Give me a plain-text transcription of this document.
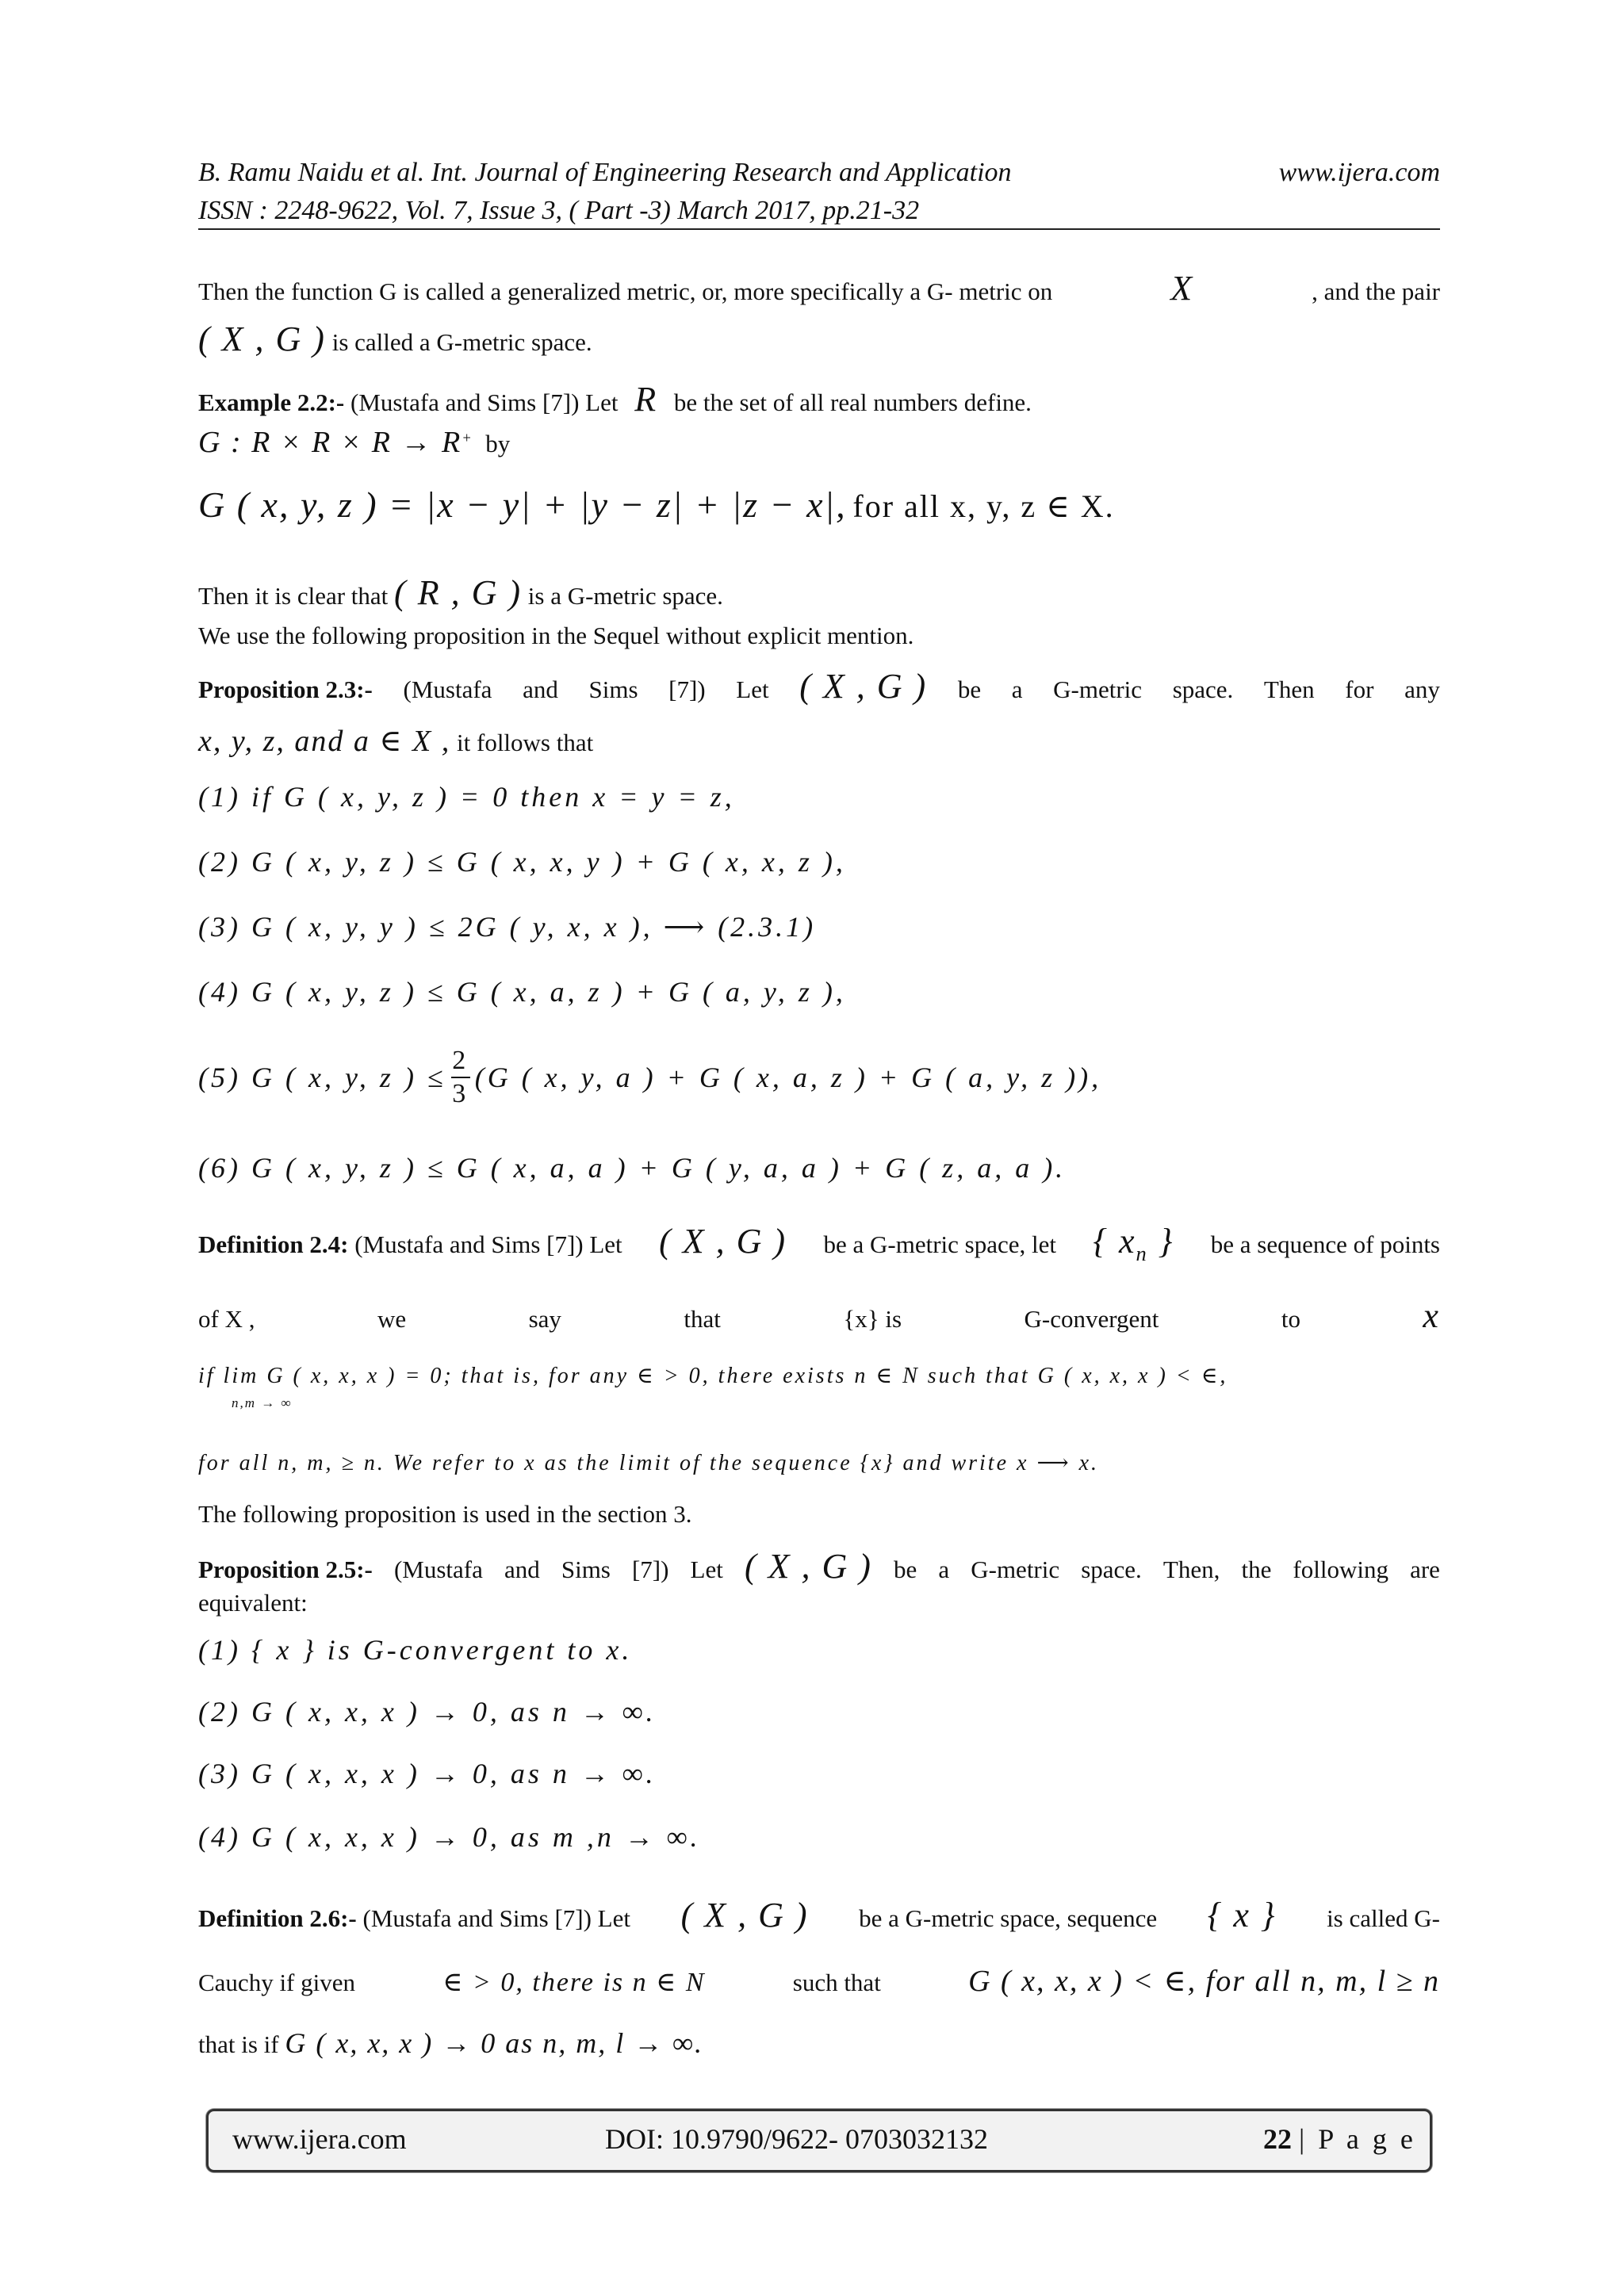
B. Ramu Naidu et al. Int. Journal of Engineering Research and Application	www.ijera.com
ISSN : 2248-9622, Vol. 7, Issue 3, ( Part -3) March 2017, pp.21-32
Then the function G is called a generalized metric, or, more specifically a G- metric on	X	, and the pair
( X , G ) is called a G-metric space.
Example 2.2:- (Mustafa and Sims [7]) Let  R  be the set of all real numbers define.
G : R × R × R → R+ by
G ( x, y, z ) = |x − y| + |y − z| + |z − x|, for all x, y, z ∈ X.
Then it is clear that ( R , G ) is a G-metric space.
We use the following proposition in the Sequel without explicit mention.
Proposition 2.3:- (Mustafa and Sims [7]) Let ( X , G ) be a G-metric space. Then for any
x, y, z, and a ∈ X , it follows that
(1) if G ( x, y, z ) = 0 then x = y = z,
(2) G ( x, y, z ) ≤ G ( x, x, y ) + G ( x, x, z ),
(3) G ( x, y, y ) ≤ 2G ( y, x, x ), ⟶ (2.3.1)
(4) G ( x, y, z ) ≤ G ( x, a, z ) + G ( a, y, z ),
(5) G ( x, y, z ) ≤ $\frac{2}{3} (G$ ( x, y, a ) + G ( x, a, z ) + G ( a, y, z )),
(6) G ( x, y, z ) ≤ G ( x, a, a ) + G ( y, a, a ) + G ( z, a, a ).
Definition 2.4: (Mustafa and Sims [7]) Let ( X , G ) be a G-metric space, let { $x_n$ } be a sequence of points
of X ,	we	say	that	{x} is	G-convergent	to	x
if lim G ( x, x, x ) = 0; that is, for any ∈ > 0, there exists n ∈ N such that G ( x, x, x ) < ∈,
n,m → ∞
for all n, m, ≥ n. We refer to x as the limit of the sequence {x} and write x ⟶ x.
The following proposition is used in the section 3.
Proposition 2.5:- (Mustafa and Sims [7]) Let ( X , G ) be a G-metric space. Then, the following are
equivalent:
(1) { x } is G-convergent to x.
(2) G ( x, x, x ) → 0, as n → ∞.
(3) G ( x, x, x ) → 0, as n → ∞.
(4) G ( x, x, x ) → 0, as m ,n → ∞.
Definition 2.6:- (Mustafa and Sims [7]) Let ( X , G ) be a G-metric space, sequence { x } is called G-
Cauchy if given	∈ > 0, there is n ∈ N	such that	G ( x, x, x ) < ∈, for all n, m, l ≥ n
that is if G ( x, x, x ) → 0 as n, m, l → ∞.
www.ijera.com	DOI: 10.9790/9622- 0703032132	22 | P a g e
